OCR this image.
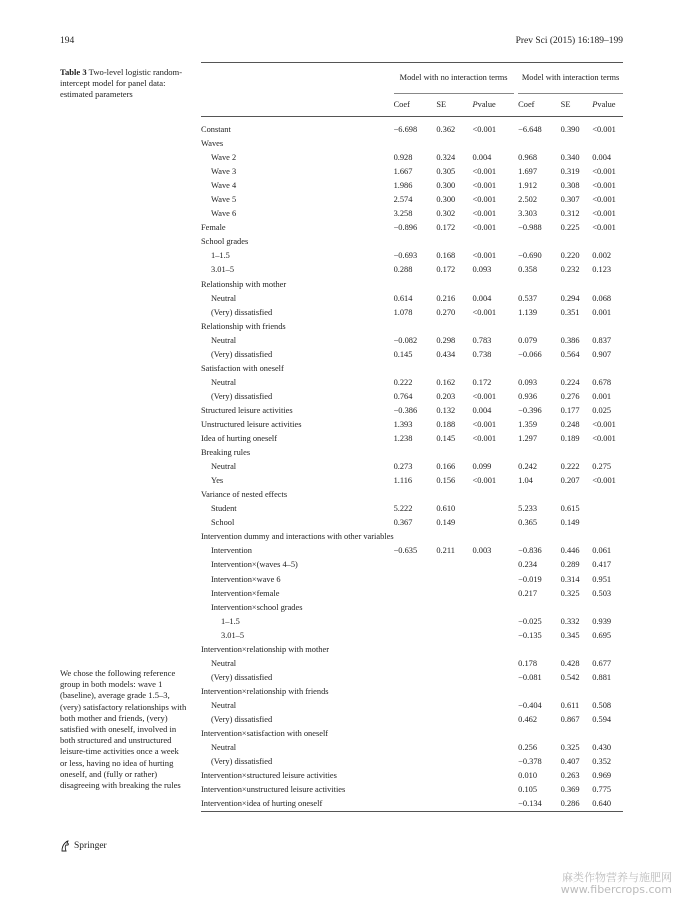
194	Prev Sci (2015) 16:189–199
Table 3 Two-level logistic random-intercept model for panel data: estimated parameters
We chose the following reference group in both models: wave 1 (baseline), average grade 1.5–3, (very) satisfactory relationships with both mother and friends, (very) satisfied with oneself, involved in both structured and unstructured leisure-time activities once a week or less, having no idea of hurting oneself, and (fully or rather) disagreeing with breaking the rules
	Model with no interaction terms				Model with interaction terms		
	Coef	SE	Pvalue		Coef	SE	Pvalue
Constant	−6.698	0.362	<0.001		−6.648	0.390	<0.001
Waves							
Wave 2	0.928	0.324	0.004		0.968	0.340	0.004
Wave 3	1.667	0.305	<0.001		1.697	0.319	<0.001
Wave 4	1.986	0.300	<0.001		1.912	0.308	<0.001
Wave 5	2.574	0.300	<0.001		2.502	0.307	<0.001
Wave 6	3.258	0.302	<0.001		3.303	0.312	<0.001
Female	−0.896	0.172	<0.001		−0.988	0.225	<0.001
School grades							
1–1.5	−0.693	0.168	<0.001		−0.690	0.220	0.002
3.01–5	0.288	0.172	0.093		0.358	0.232	0.123
Relationship with mother							
Neutral	0.614	0.216	0.004		0.537	0.294	0.068
(Very) dissatisfied	1.078	0.270	<0.001		1.139	0.351	0.001
Relationship with friends							
Neutral	−0.082	0.298	0.783		0.079	0.386	0.837
(Very) dissatisfied	0.145	0.434	0.738		−0.066	0.564	0.907
Satisfaction with oneself							
Neutral	0.222	0.162	0.172		0.093	0.224	0.678
(Very) dissatisfied	0.764	0.203	<0.001		0.936	0.276	0.001
Structured leisure activities	−0.386	0.132	0.004		−0.396	0.177	0.025
Unstructured leisure activities	1.393	0.188	<0.001		1.359	0.248	<0.001
Idea of hurting oneself	1.238	0.145	<0.001		1.297	0.189	<0.001
Breaking rules							
Neutral	0.273	0.166	0.099		0.242	0.222	0.275
Yes	1.116	0.156	<0.001		1.04	0.207	<0.001
Variance of nested effects							
Student	5.222	0.610			5.233	0.615	
School	0.367	0.149			0.365	0.149	
Intervention dummy and interactions with other variables							
Intervention	−0.635	0.211	0.003		−0.836	0.446	0.061
Intervention×(waves 4–5)					0.234	0.289	0.417
Intervention×wave 6					−0.019	0.314	0.951
Intervention×female					0.217	0.325	0.503
Intervention×school grades							
1–1.5					−0.025	0.332	0.939
3.01–5					−0.135	0.345	0.695
Intervention×relationship with mother							
Neutral					0.178	0.428	0.677
(Very) dissatisfied					−0.081	0.542	0.881
Intervention×relationship with friends							
Neutral					−0.404	0.611	0.508
(Very) dissatisfied					0.462	0.867	0.594
Intervention×satisfaction with oneself							
Neutral					0.256	0.325	0.430
(Very) dissatisfied					−0.378	0.407	0.352
Intervention×structured leisure activities					0.010	0.263	0.969
Intervention×unstructured leisure activities					0.105	0.369	0.775
Intervention×idea of hurting oneself					−0.134	0.286	0.640
Springer
麻类作物营养与施肥网
www.fibercrops.com
